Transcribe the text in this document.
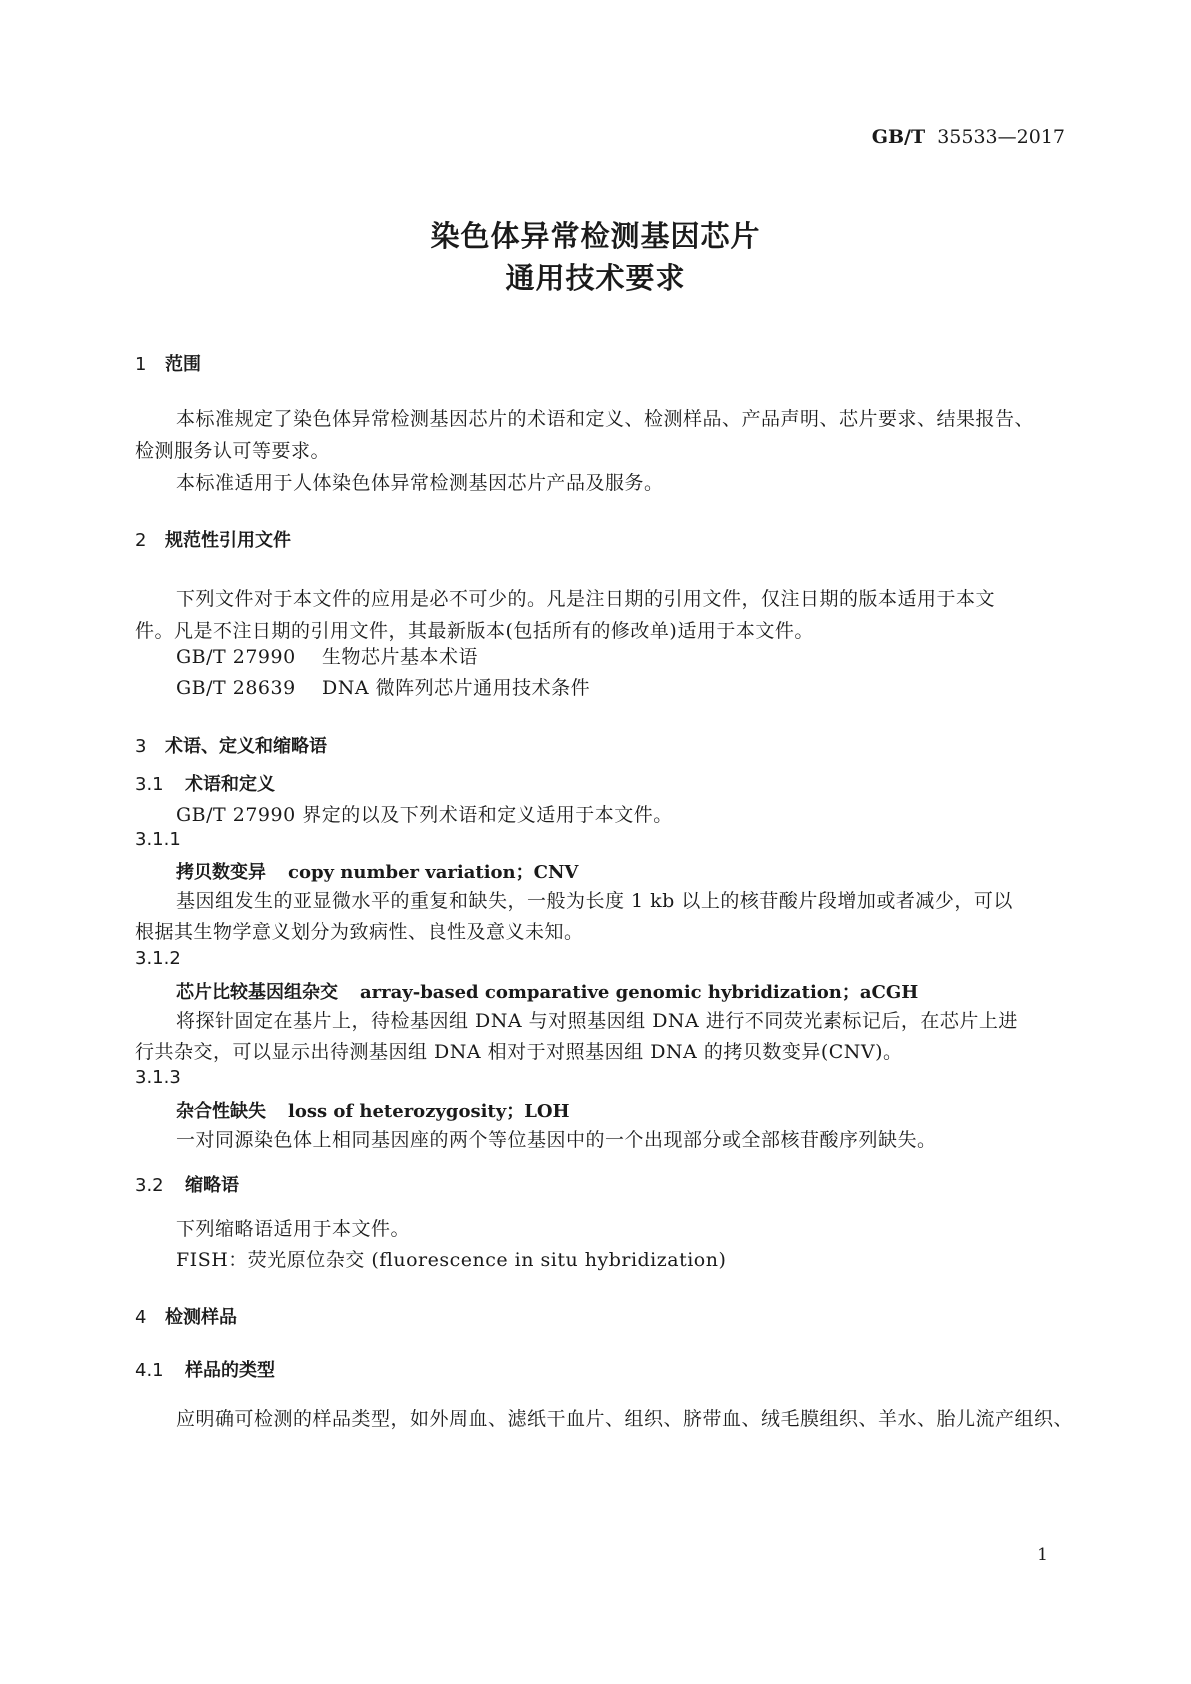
GB/T 35533—2017
染色体异常检测基因芯片
通用技术要求
1 范围
本标准规定了染色体异常检测基因芯片的术语和定义、检测样品、产品声明、芯片要求、结果报告、
检测服务认可等要求。
本标准适用于人体染色体异常检测基因芯片产品及服务。
2 规范性引用文件
下列文件对于本文件的应用是必不可少的。凡是注日期的引用文件，仅注日期的版本适用于本文
件。凡是不注日期的引用文件，其最新版本(包括所有的修改单)适用于本文件。
GB/T 27990 生物芯片基本术语
GB/T 28639 DNA 微阵列芯片通用技术条件
3 术语、定义和缩略语
3.1 术语和定义
GB/T 27990 界定的以及下列术语和定义适用于本文件。
3.1.1
拷贝数变异 copy number variation；CNV
基因组发生的亚显微水平的重复和缺失，一般为长度 1 kb 以上的核苷酸片段增加或者减少，可以
根据其生物学意义划分为致病性、良性及意义未知。
3.1.2
芯片比较基因组杂交 array-based comparative genomic hybridization；aCGH
将探针固定在基片上，待检基因组 DNA 与对照基因组 DNA 进行不同荧光素标记后，在芯片上进
行共杂交，可以显示出待测基因组 DNA 相对于对照基因组 DNA 的拷贝数变异(CNV)。
3.1.3
杂合性缺失 loss of heterozygosity；LOH
一对同源染色体上相同基因座的两个等位基因中的一个出现部分或全部核苷酸序列缺失。
3.2 缩略语
下列缩略语适用于本文件。
FISH：荧光原位杂交 (fluorescence in situ hybridization)
4 检测样品
4.1 样品的类型
应明确可检测的样品类型，如外周血、滤纸干血片、组织、脐带血、绒毛膜组织、羊水、胎儿流产组织、
1
